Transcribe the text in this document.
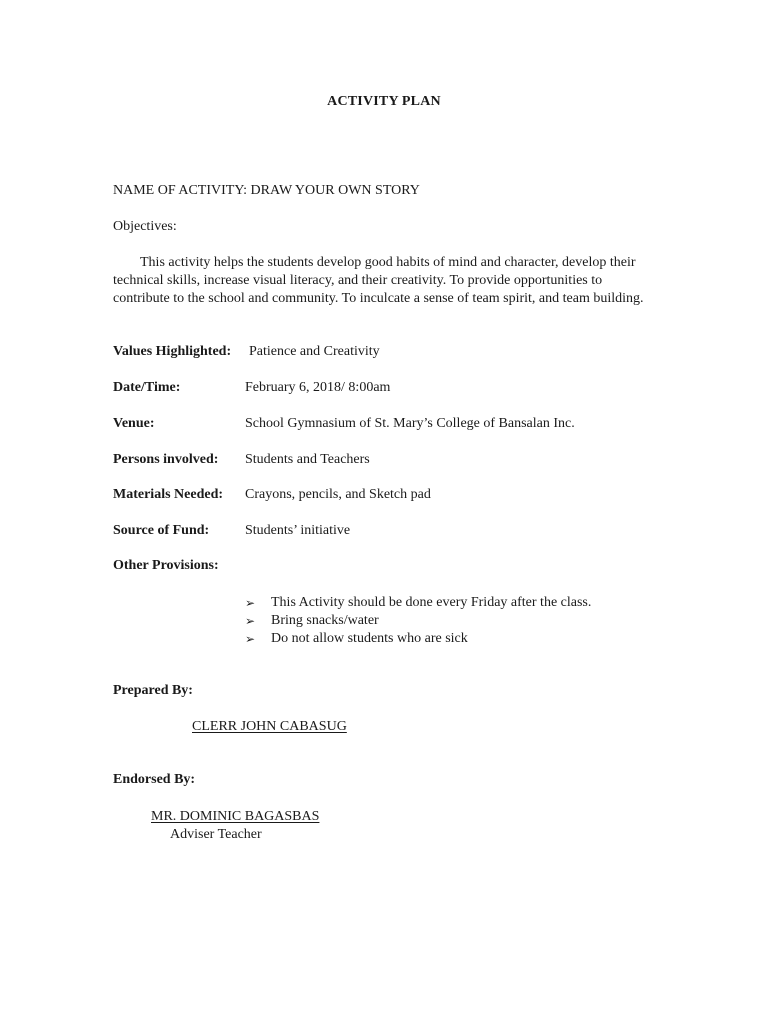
ACTIVITY PLAN
NAME OF ACTIVITY: DRAW YOUR OWN STORY
Objectives:
This activity helps the students develop good habits of mind and character, develop their technical skills, increase visual literacy, and their creativity. To provide opportunities to contribute to the school and community. To inculcate a sense of team spirit, and team building.
Values Highlighted: Patience and Creativity
Date/Time:	February 6, 2018/ 8:00am
Venue:	School Gymnasium of St. Mary’s College of Bansalan Inc.
Persons involved: Students and Teachers
Materials Needed: Crayons, pencils, and Sketch pad
Source of Fund:	Students’ initiative
Other Provisions:
➢	This Activity should be done every Friday after the class.
➢	Bring snacks/water
➢	Do not allow students who are sick
Prepared By:
CLERR JOHN CABASUG
Endorsed By:
MR. DOMINIC BAGASBAS
Adviser Teacher
